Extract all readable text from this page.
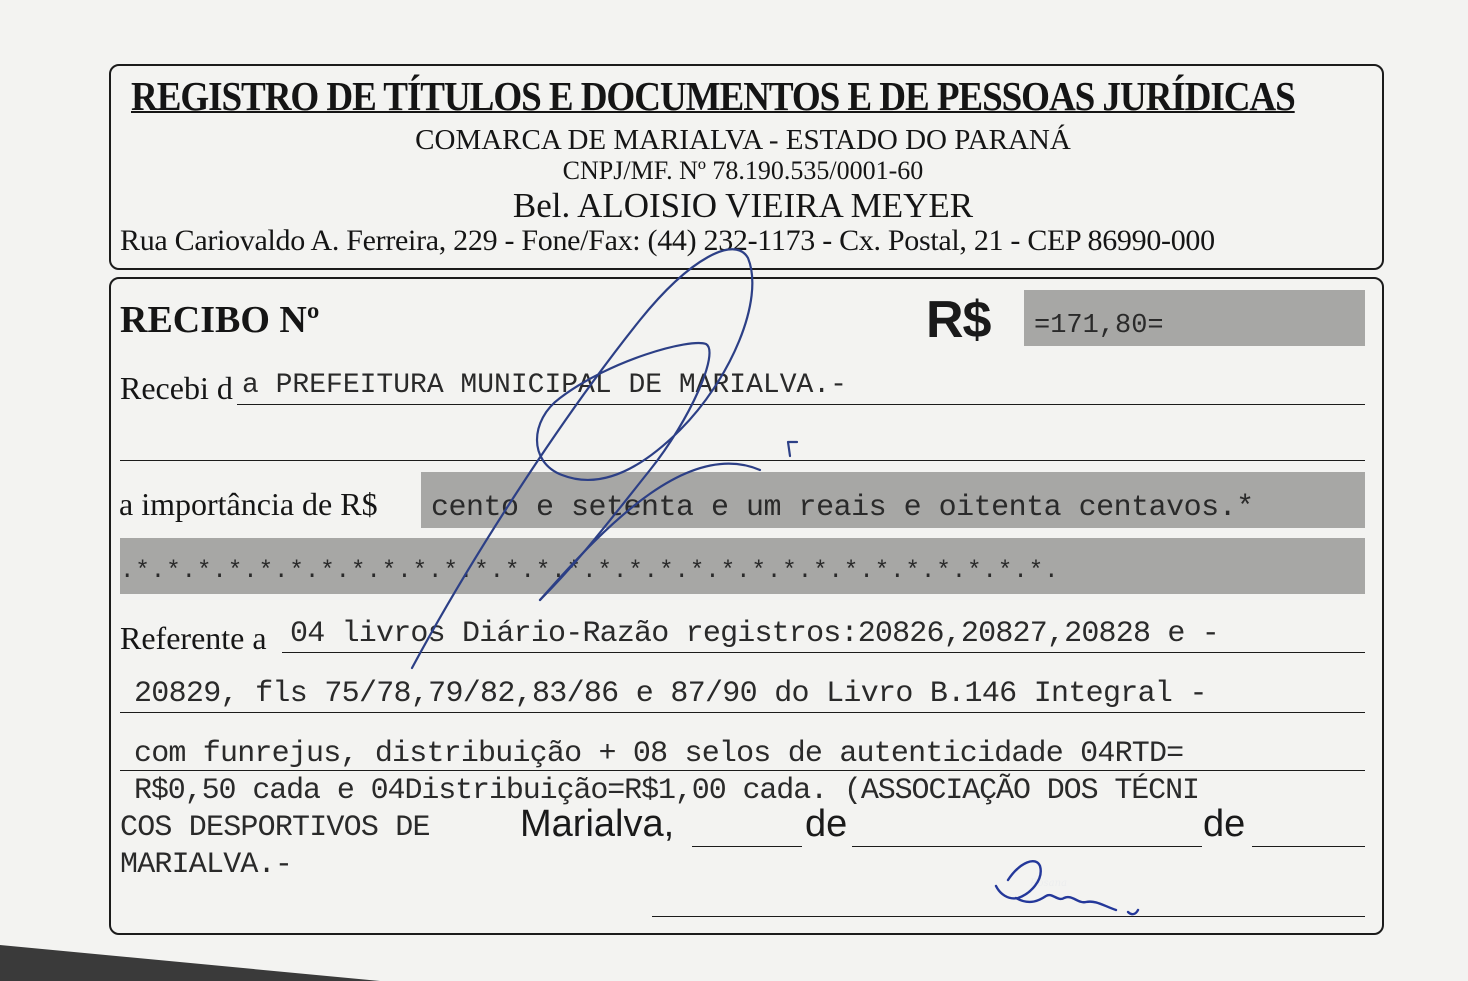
REGISTRO DE TÍTULOS E DOCUMENTOS E DE PESSOAS JURÍDICAS
COMARCA DE MARIALVA - ESTADO DO PARANÁ
CNPJ/MF. Nº 78.190.535/0001-60
Bel. ALOISIO VIEIRA MEYER
Rua Cariovaldo A. Ferreira, 229 - Fone/Fax: (44) 232-1173 - Cx. Postal, 21 - CEP 86990-000
RECIBO Nº	R$ =171,80=
Recebi d a PREFEITURA MUNICIPAL DE MARIALVA.-
a importância de R$ cento e setenta e um reais e oitenta centavos.*
.*.*.*.*.*.*.*.*.*.*.*.*.*.*.*.*.*.*.*.*.*.*.*.*.*.*.*.*.*.*.
Referente a 04 livros Diário-Razão registros:20826,20827,20828 e -
20829, fls 75/78,79/82,83/86 e 87/90 do Livro B.146 Integral -
com funrejus, distribuição + 08 selos de autenticidade 04RTD=
R$0,50 cada e 04Distribuição=R$1,00 cada. (ASSOCIAÇÃO DOS TÉCNI
COS DESPORTIVOS DE
MARIALVA.-
Marialva,	de	de
